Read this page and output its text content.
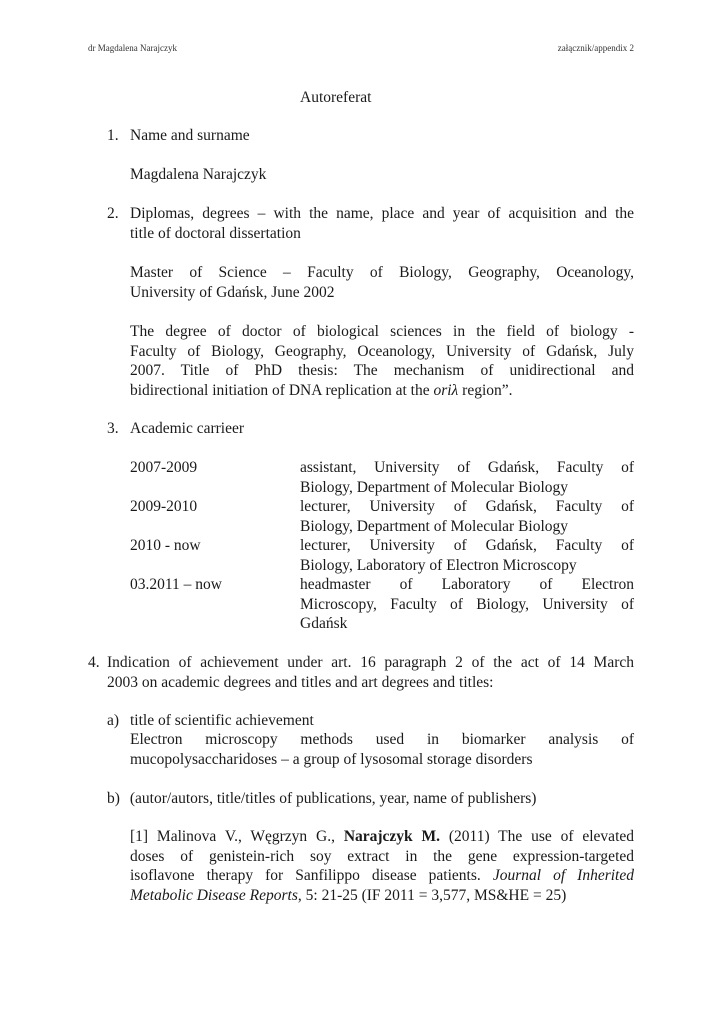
dr Magdalena Narajczyk	załącznik/appendix 2
Autoreferat
1. Name and surname
Magdalena Narajczyk
2. Diplomas, degrees – with the name, place and year of acquisition and the
title of doctoral dissertation
Master of Science – Faculty of Biology, Geography, Oceanology,
University of Gdańsk, June 2002
The degree of doctor of biological sciences in the field of biology -
Faculty of Biology, Geography, Oceanology, University of Gdańsk, July
2007. Title of PhD thesis: The mechanism of unidirectional and
bidirectional initiation of DNA replication at the oriλ region”.
3. Academic carrieer
2007-2009	assistant, University of Gdańsk, Faculty of
Biology, Department of Molecular Biology
2009-2010	lecturer, University of Gdańsk, Faculty of
Biology, Department of Molecular Biology
2010 - now	lecturer, University of Gdańsk, Faculty of
Biology, Laboratory of Electron Microscopy
03.2011 – now	headmaster of Laboratory of Electron
Microscopy, Faculty of Biology, University of
Gdańsk
4. Indication of achievement under art. 16 paragraph 2 of the act of 14 March
2003 on academic degrees and titles and art degrees and titles:
a) title of scientific achievement
Electron microscopy methods used in biomarker analysis of
mucopolysaccharidoses – a group of lysosomal storage disorders
b) (autor/autors, title/titles of publications, year, name of publishers)
[1] Malinova V., Węgrzyn G., Narajczyk M. (2011) The use of elevated
doses of genistein-rich soy extract in the gene expression-targeted
isoflavone therapy for Sanfilippo disease patients. Journal of Inherited
Metabolic Disease Reports, 5: 21-25 (IF 2011 = 3,577, MS&HE = 25)
